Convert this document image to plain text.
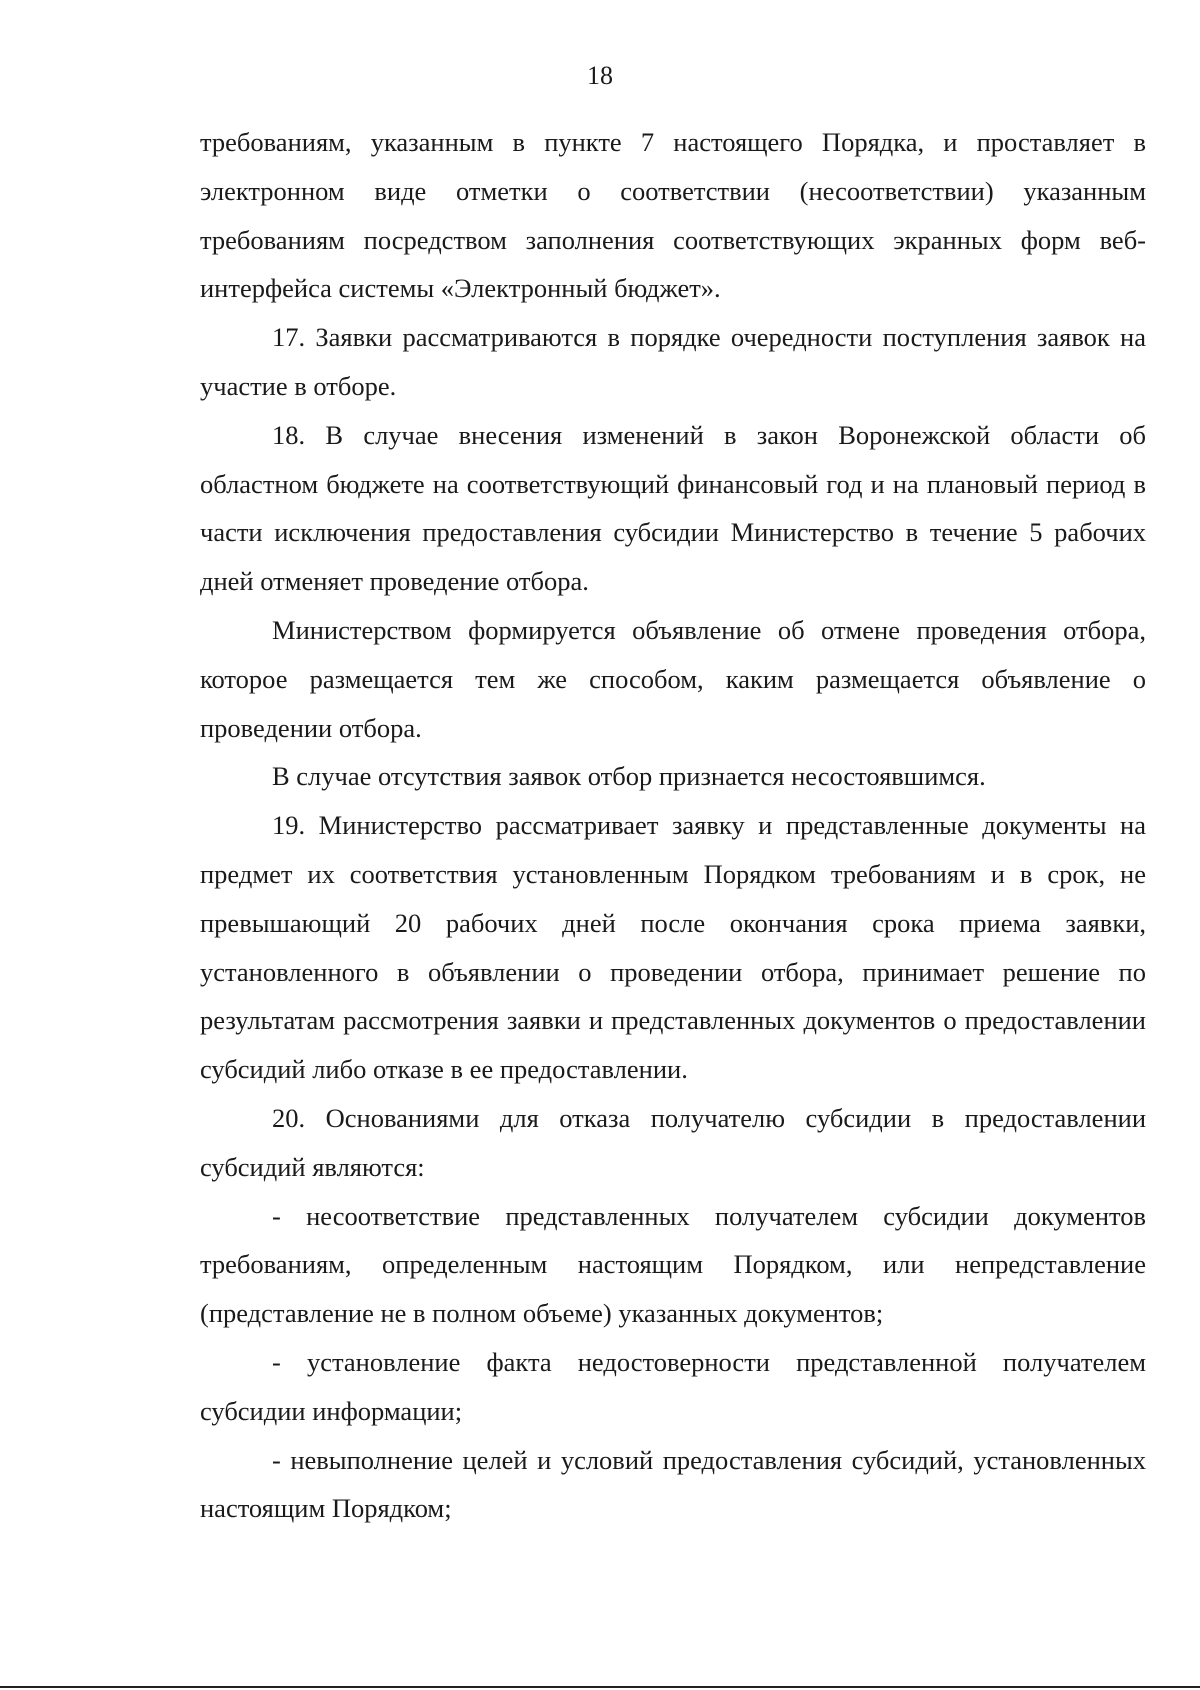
18

требованиям, указанным в пункте 7 настоящего Порядка, и проставляет в электронном виде отметки о соответствии (несоответствии) указанным требованиям посредством заполнения соответствующих экранных форм веб-интерфейса системы «Электронный бюджет».

17. Заявки рассматриваются в порядке очередности поступления заявок на участие в отборе.

18. В случае внесения изменений в закон Воронежской области об областном бюджете на соответствующий финансовый год и на плановый период в части исключения предоставления субсидии Министерство в течение 5 рабочих дней отменяет проведение отбора.

Министерством формируется объявление об отмене проведения отбора, которое размещается тем же способом, каким размещается объявление о проведении отбора.

В случае отсутствия заявок отбор признается несостоявшимся.

19. Министерство рассматривает заявку и представленные документы на предмет их соответствия установленным Порядком требованиям и в срок, не превышающий 20 рабочих дней после окончания срока приема заявки, установленного в объявлении о проведении отбора, принимает решение по результатам рассмотрения заявки и представленных документов о предоставлении субсидий либо отказе в ее предоставлении.

20. Основаниями для отказа получателю субсидии в предоставлении субсидий являются:

- несоответствие представленных получателем субсидии документов требованиям, определенным настоящим Порядком, или непредставление (представление не в полном объеме) указанных документов;

- установление факта недостоверности представленной получателем субсидии информации;

- невыполнение целей и условий предоставления субсидий, установленных настоящим Порядком;
